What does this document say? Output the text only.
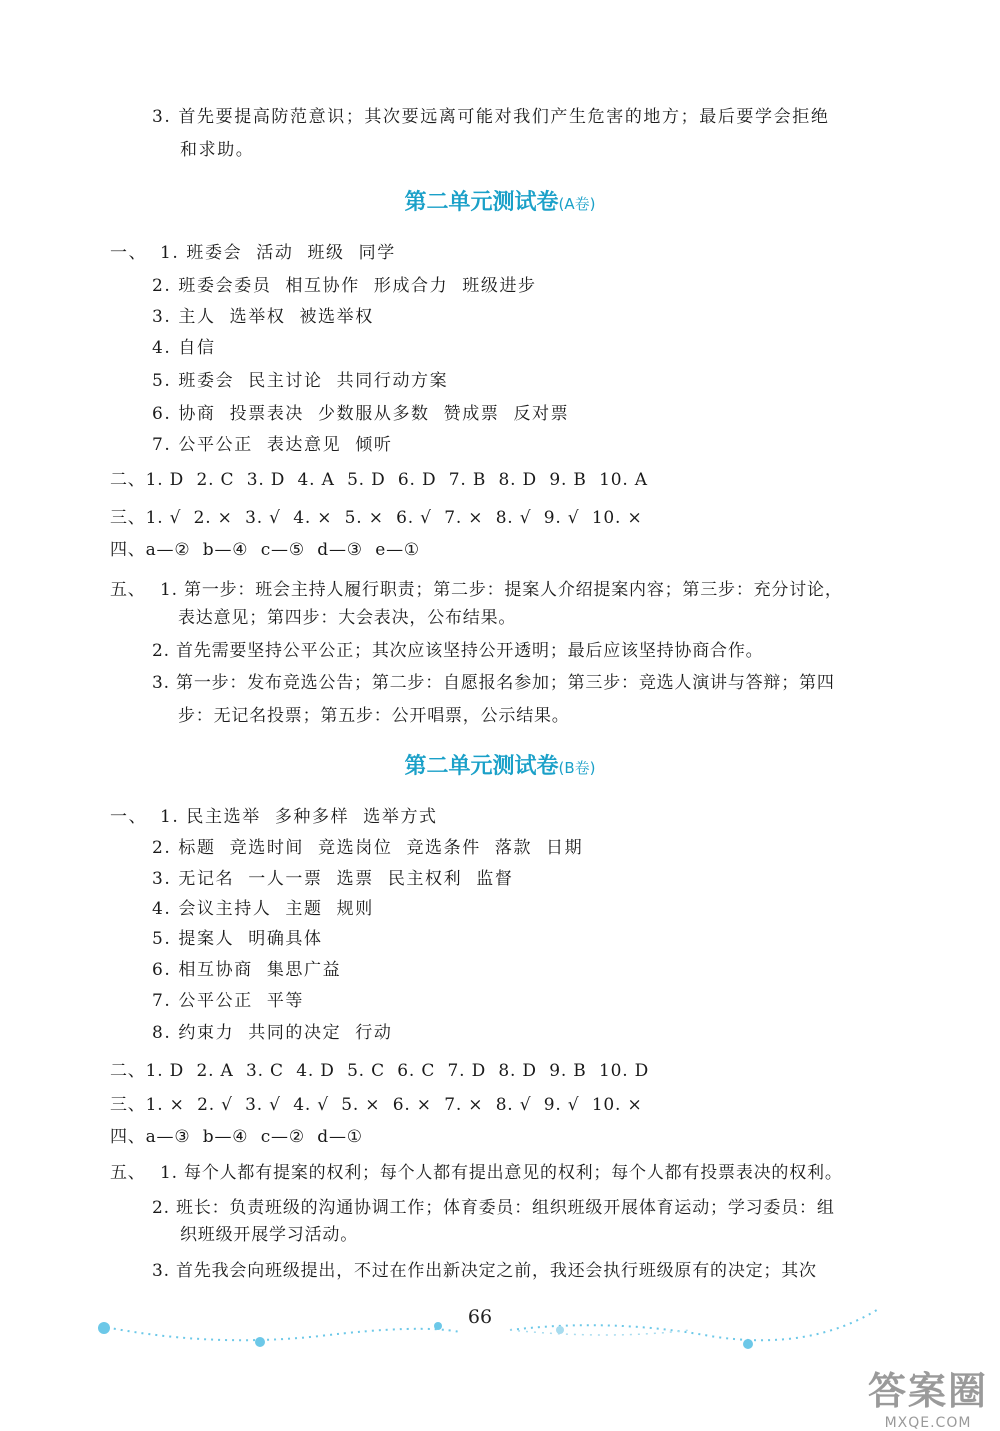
3. 首先要提高防范意识；其次要远离可能对我们产生危害的地方；最后要学会拒绝
和求助。
第二单元测试卷(A卷)
一、 1. 班委会  活动  班级  同学
2. 班委会委员  相互协作  形成合力  班级进步
3. 主人  选举权  被选举权
4. 自信
5. 班委会  民主讨论  共同行动方案
6. 协商  投票表决  少数服从多数  赞成票  反对票
7. 公平公正  表达意见  倾听
二、1. D  2. C  3. D  4. A  5. D  6. D  7. B  8. D  9. B  10. A
三、1. √  2. ×  3. √  4. ×  5. ×  6. √  7. ×  8. √  9. √  10. ×
四、a—②  b—④  c—⑤  d—③  e—①
五、 1. 第一步：班会主持人履行职责；第二步：提案人介绍提案内容；第三步：充分讨论，
表达意见；第四步：大会表决，公布结果。
2. 首先需要坚持公平公正；其次应该坚持公开透明；最后应该坚持协商合作。
3. 第一步：发布竞选公告；第二步：自愿报名参加；第三步：竞选人演讲与答辩；第四
步：无记名投票；第五步：公开唱票，公示结果。
第二单元测试卷(B卷)
一、 1. 民主选举  多种多样  选举方式
2. 标题  竞选时间  竞选岗位  竞选条件  落款  日期
3. 无记名  一人一票  选票  民主权利  监督
4. 会议主持人  主题  规则
5. 提案人  明确具体
6. 相互协商  集思广益
7. 公平公正  平等
8. 约束力  共同的决定  行动
二、1. D  2. A  3. C  4. D  5. C  6. C  7. D  8. D  9. B  10. D
三、1. ×  2. √  3. √  4. √  5. ×  6. ×  7. ×  8. √  9. √  10. ×
四、a—③  b—④  c—②  d—①
五、 1. 每个人都有提案的权利；每个人都有提出意见的权利；每个人都有投票表决的权利。
2. 班长：负责班级的沟通协调工作；体育委员：组织班级开展体育运动；学习委员：组
织班级开展学习活动。
3. 首先我会向班级提出，不过在作出新决定之前，我还会执行班级原有的决定；其次
66
答案圈
MXQE.COM
